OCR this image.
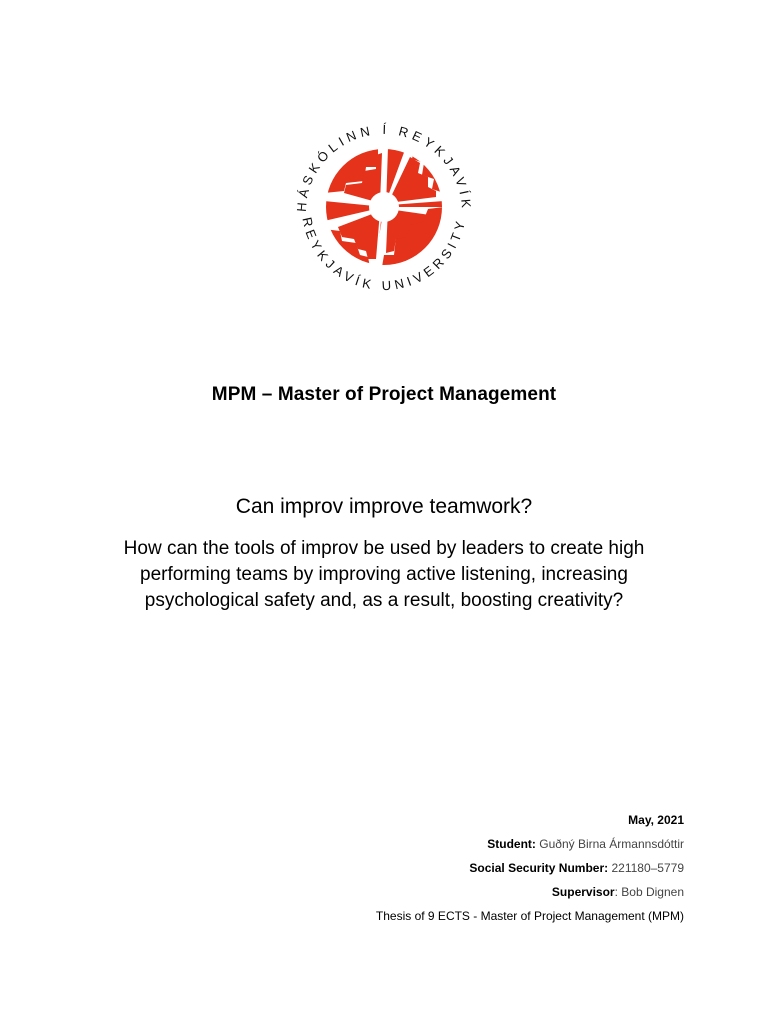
HÁSKÓLINN Í REYKJAVÍK
REYKJAVÍK UNIVERSITY
MPM – Master of Project Management
Can improv improve teamwork?
How can the tools of improv be used by leaders to create high performing teams by improving active listening, increasing psychological safety and, as a result, boosting creativity?
May, 2021
Student: Guðný Birna Ármannsdóttir
Social Security Number: 221180–5779
Supervisor: Bob Dignen
Thesis of 9 ECTS - Master of Project Management (MPM)
